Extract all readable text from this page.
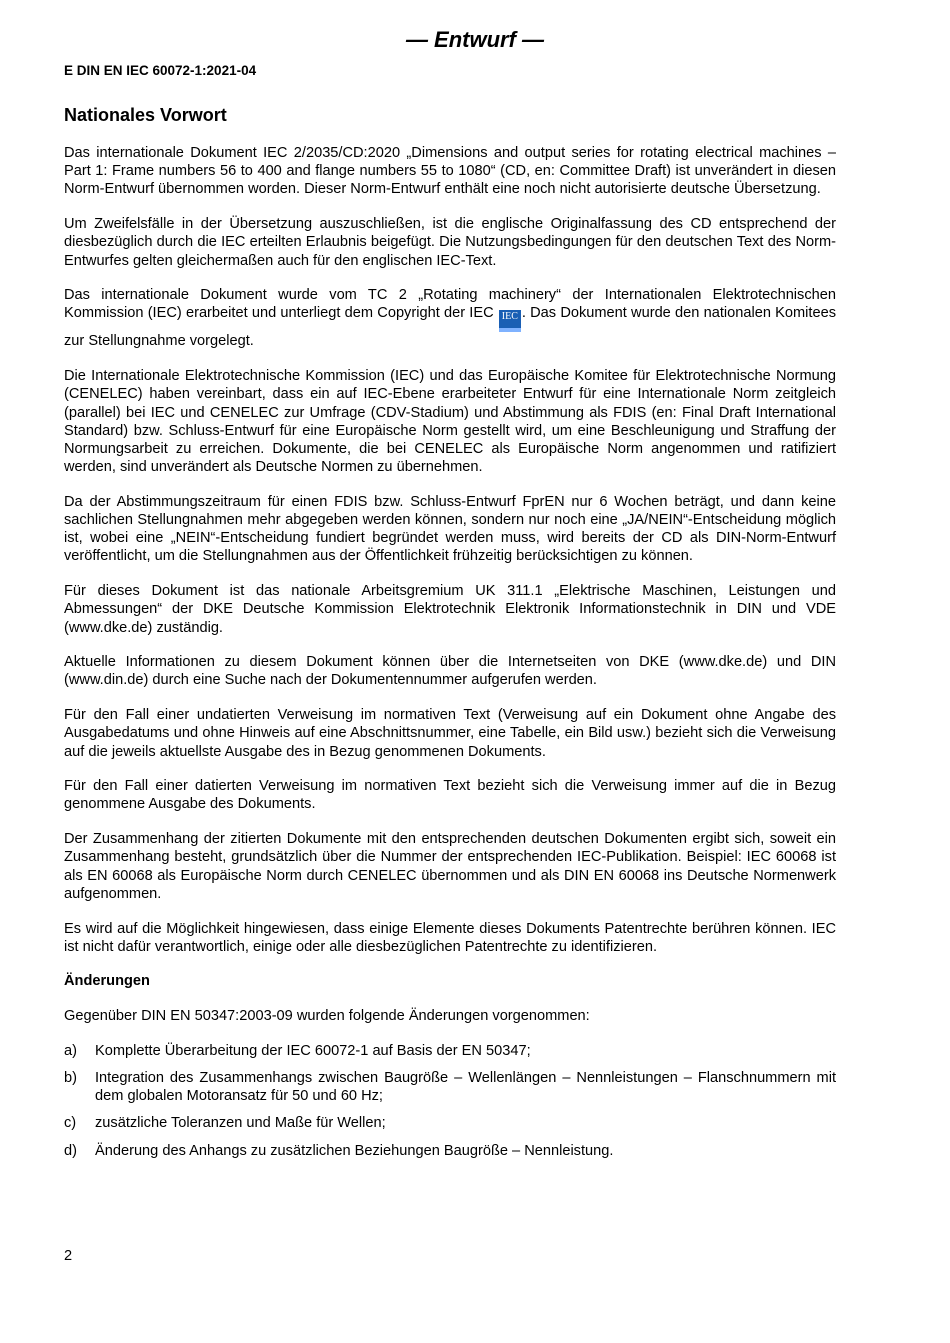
— Entwurf —
E DIN EN IEC 60072-1:2021-04
Nationales Vorwort

Das internationale Dokument IEC 2/2035/CD:2020 „Dimensions and output series for rotating electrical machines – Part 1: Frame numbers 56 to 400 and flange numbers 55 to 1080“ (CD, en: Committee Draft) ist unverändert in diesen Norm-Entwurf übernommen worden. Dieser Norm-Entwurf enthält eine noch nicht autorisierte deutsche Übersetzung.

Um Zweifelsfälle in der Übersetzung auszuschließen, ist die englische Originalfassung des CD entsprechend der diesbezüglich durch die IEC erteilten Erlaubnis beigefügt. Die Nutzungsbedingungen für den deutschen Text des Norm-Entwurfes gelten gleichermaßen auch für den englischen IEC-Text.

Das internationale Dokument wurde vom TC 2 „Rotating machinery“ der Internationalen Elektrotechnischen Kommission (IEC) erarbeitet und unterliegt dem Copyright der IEC IEC . Das Dokument wurde den nationalen Komitees zur Stellungnahme vorgelegt.

Die Internationale Elektrotechnische Kommission (IEC) und das Europäische Komitee für Elektrotechnische Normung (CENELEC) haben vereinbart, dass ein auf IEC-Ebene erarbeiteter Entwurf für eine Internationale Norm zeitgleich (parallel) bei IEC und CENELEC zur Umfrage (CDV-Stadium) und Abstimmung als FDIS (en: Final Draft International Standard) bzw. Schluss-Entwurf für eine Europäische Norm gestellt wird, um eine Beschleunigung und Straffung der Normungsarbeit zu erreichen. Dokumente, die bei CENELEC als Europäische Norm angenommen und ratifiziert werden, sind unverändert als Deutsche Normen zu übernehmen.

Da der Abstimmungszeitraum für einen FDIS bzw. Schluss-Entwurf FprEN nur 6 Wochen beträgt, und dann keine sachlichen Stellungnahmen mehr abgegeben werden können, sondern nur noch eine „JA/NEIN“-Entscheidung möglich ist, wobei eine „NEIN“-Entscheidung fundiert begründet werden muss, wird bereits der CD als DIN-Norm-Entwurf veröffentlicht, um die Stellungnahmen aus der Öffentlichkeit frühzeitig berücksichtigen zu können.

Für dieses Dokument ist das nationale Arbeitsgremium UK 311.1 „Elektrische Maschinen, Leistungen und Abmessungen“ der DKE Deutsche Kommission Elektrotechnik Elektronik Informationstechnik in DIN und VDE (www.dke.de) zuständig.

Aktuelle Informationen zu diesem Dokument können über die Internetseiten von DKE (www.dke.de) und DIN (www.din.de) durch eine Suche nach der Dokumentennummer aufgerufen werden.

Für den Fall einer undatierten Verweisung im normativen Text (Verweisung auf ein Dokument ohne Angabe des Ausgabedatums und ohne Hinweis auf eine Abschnittsnummer, eine Tabelle, ein Bild usw.) bezieht sich die Verweisung auf die jeweils aktuellste Ausgabe des in Bezug genommenen Dokuments.

Für den Fall einer datierten Verweisung im normativen Text bezieht sich die Verweisung immer auf die in Bezug genommene Ausgabe des Dokuments.

Der Zusammenhang der zitierten Dokumente mit den entsprechenden deutschen Dokumenten ergibt sich, soweit ein Zusammenhang besteht, grundsätzlich über die Nummer der entsprechenden IEC-Publikation. Beispiel: IEC 60068 ist als EN 60068 als Europäische Norm durch CENELEC übernommen und als DIN EN 60068 ins Deutsche Normenwerk aufgenommen.

Es wird auf die Möglichkeit hingewiesen, dass einige Elemente dieses Dokuments Patentrechte berühren können. IEC ist nicht dafür verantwortlich, einige oder alle diesbezüglichen Patentrechte zu identifizieren.

Änderungen

Gegenüber DIN EN 50347:2003-09 wurden folgende Änderungen vorgenommen:

a) Komplette Überarbeitung der IEC 60072-1 auf Basis der EN 50347;
b) Integration des Zusammenhangs zwischen Baugröße – Wellenlängen – Nennleistungen – Flanschnummern mit dem globalen Motoransatz für 50 und 60 Hz;
c) zusätzliche Toleranzen und Maße für Wellen;
d) Änderung des Anhangs zu zusätzlichen Beziehungen Baugröße – Nennleistung.
2
